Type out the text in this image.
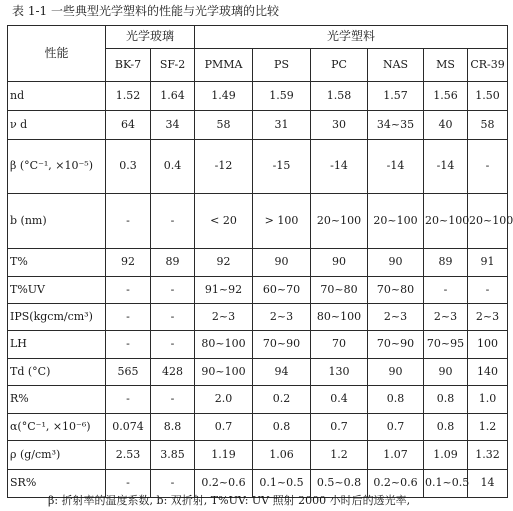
表 1-1 一些典型光学塑料的性能与光学玻璃的比较
性能	光学玻璃		光学塑料					
	BK-7	SF-2	PMMA	PS	PC	NAS	MS	CR-39
nd	1.52	1.64	1.49	1.59	1.58	1.57	1.56	1.50
ν d	64	34	58	31	30	34~35	40	58
β (°C⁻¹, ×10⁻⁵)	0.3	0.4	-12	-15	-14	-14	-14	-
b (nm)	-	-	< 20	> 100	20~100	20~100	20~100	20~100
T%	92	89	92	90	90	90	89	91
T%UV	-	-	91~92	60~70	70~80	70~80	-	-
IPS(kgcm/cm³)	-	-	2~3	2~3	80~100	2~3	2~3	2~3
LH	-	-	80~100	70~90	70	70~90	70~95	100
Td (°C)	565	428	90~100	94	130	90	90	140
R%	-	-	2.0	0.2	0.4	0.8	0.8	1.0
α(°C⁻¹, ×10⁻⁶)	0.074	8.8	0.7	0.8	0.7	0.7	0.8	1.2
ρ (g/cm³)	2.53	3.85	1.19	1.06	1.2	1.07	1.09	1.32
SR%	-	-	0.2~0.6	0.1~0.5	0.5~0.8	0.2~0.6	0.1~0.5	14
β: 折射率的温度系数, b: 双折射, T%UV: UV 照射 2000 小时后的透光率,
